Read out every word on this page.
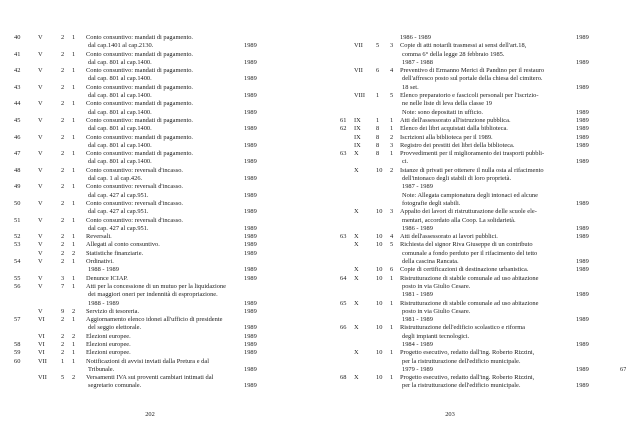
40	V	2	1	Conto consuntivo: mandati di pagamento.
dal cap.1401 al cap.2130.	1989
41	V	2	1	Conto consuntivo: mandati di pagamento.
dal cap. 801 al cap.1400.	1989
42	V	2	1	Conto consuntivo: mandati di pagamento.
dal cap. 801 al cap.1400.	1989
43	V	2	1	Conto consuntivo: mandati di pagamento.
dal cap. 801 al cap.1400.	1989
44	V	2	1	Conto consuntivo: mandati di pagamento.
dal cap. 801 al cap.1400.	1989
45	V	2	1	Conto consuntivo: mandati di pagamento.
dal cap. 801 al cap.1400.	1989
46	V	2	1	Conto consuntivo: mandati di pagamento.
dal cap. 801 al cap.1400.	1989
47	V	2	1	Conto consuntivo: mandati di pagamento.
dal cap. 801 al cap.1400.	1989
48	V	2	1	Conto consuntivo: reversali d'incasso.
dal cap. 1 al cap.426.	1989
49	V	2	1	Conto consuntivo: reversali d'incasso.
dal cap. 427 al cap.951.	1989
50	V	2	1	Conto consuntivo: reversali d'incasso.
dal cap. 427 al cap.951.	1989
51	V	2	1	Conto consuntivo: reversali d'incasso.
dal cap. 427 al cap.951.	1989
52	V	2	1	Reversali.	1989
53	V	2	1	Allegati al conto consuntivo.	1989
V	2	2	Statistiche finanziarie.	1989
54	V	2	1	Ordinativi.
1988 - 1989	1989
55	V	3	1	Denunce ICIAP.	1989
56	V	7	1	Atti per la concessione di un mutuo per la liquidazione
dei maggiori oneri per indennità di espropriazione.
1988 - 1989	1989
V	9	2	Servizio di tesoreria.	1989
57	VI	2	1	Aggiornamento elenco idonei all'ufficio di presidente
del seggio elettorale.	1989
VI	2	2	Elezioni europee.	1989
58	VI	2	1	Elezioni europee.	1989
59	VI	2	1	Elezioni europee.	1989
60	VII	1	1	Notificazioni di avvisi inviati dalla Pretura e dal
Tribunale.	1989
VII	5	2	Versamenti IVA sui proventi cambiari intimati dal
segretario comunale.	1989
1986 - 1989	1989
VII	5	3	Copie di atti notarili trasmessi ai sensi dell'art.18,
comma 6° della legge 28 febbraio 1985.
1987 - 1988	1989
VII	6	4	Preventivo di Ermanno Merici di Pandino per il restauro
dell'affresco posto sul portale della chiesa del cimitero.
18 set.	1989
VIII	1	5	Elenco preparatorio e fascicoli personali per l'iscrizio-
ne nelle liste di leva della classe 19
Note: sono depositati in ufficio.	1989
61	IX	1	1	Atti dell'assessorato all'istruzione pubblica.	1989
62	IX	8	1	Elenco dei libri acquistati dalla biblioteca.	1989
IX	8	2	Iscrizioni alla biblioteca per il 1989.	1989
IX	8	3	Registro dei prestiti dei libri della biblioteca.	1989
63	X	8	1	Provvedimenti per il miglioramento dei trasporti pubbli-
ci.	1989
X	10	2	Istanze di privati per ottenere il nulla osta al rifacimento
dell'intonaco degli stabili di loro proprietà.
1987 - 1989
Note: Allegata campionatura degli intonaci ed alcune
fotografie degli stabili.	1989
X	10	3	Appalto dei lavori di ristrutturazione delle scuole ele-
mentari, accordato alla Coop. La solidarietà.
1986 - 1989	1989
63	X	10	4	Atti dell'assessorato ai lavori pubblici.	1989
X	10	5	Richiesta del signor Riva Giuseppe di un contributo
comunale a fondo perduto per il rifacimento del tetto
della cascina Rancata.	1989
X	10	6	Copie di certificazioni di destinazione urbanistica.	1989
64	X	10	1	Ristrutturazione di stabile comunale ad uso abitazione
posto in via Giulio Cesare.
1981 - 1989	1989
65	X	10	1	Ristrutturazione di stabile comunale ad uso abitazione
posto in via Giulio Cesare.
1981 - 1989	1989
66	X	10	1	Ristrutturazione dell'edificio scolastico e riforma
degli impianti tecnologici.
1984 - 1989	1989
X	10	1	Progetto esecutivo, redatto dall'ing. Roberto Rizzini,
per la ristrutturazione dell'edificio municipale.
1979 - 1989	1989	67
68	X	10	1	Progetto esecutivo, redatto dall'ing. Roberto Rizzini,
per la ristrutturazione dell'edificio municipale.	1989
202	203
